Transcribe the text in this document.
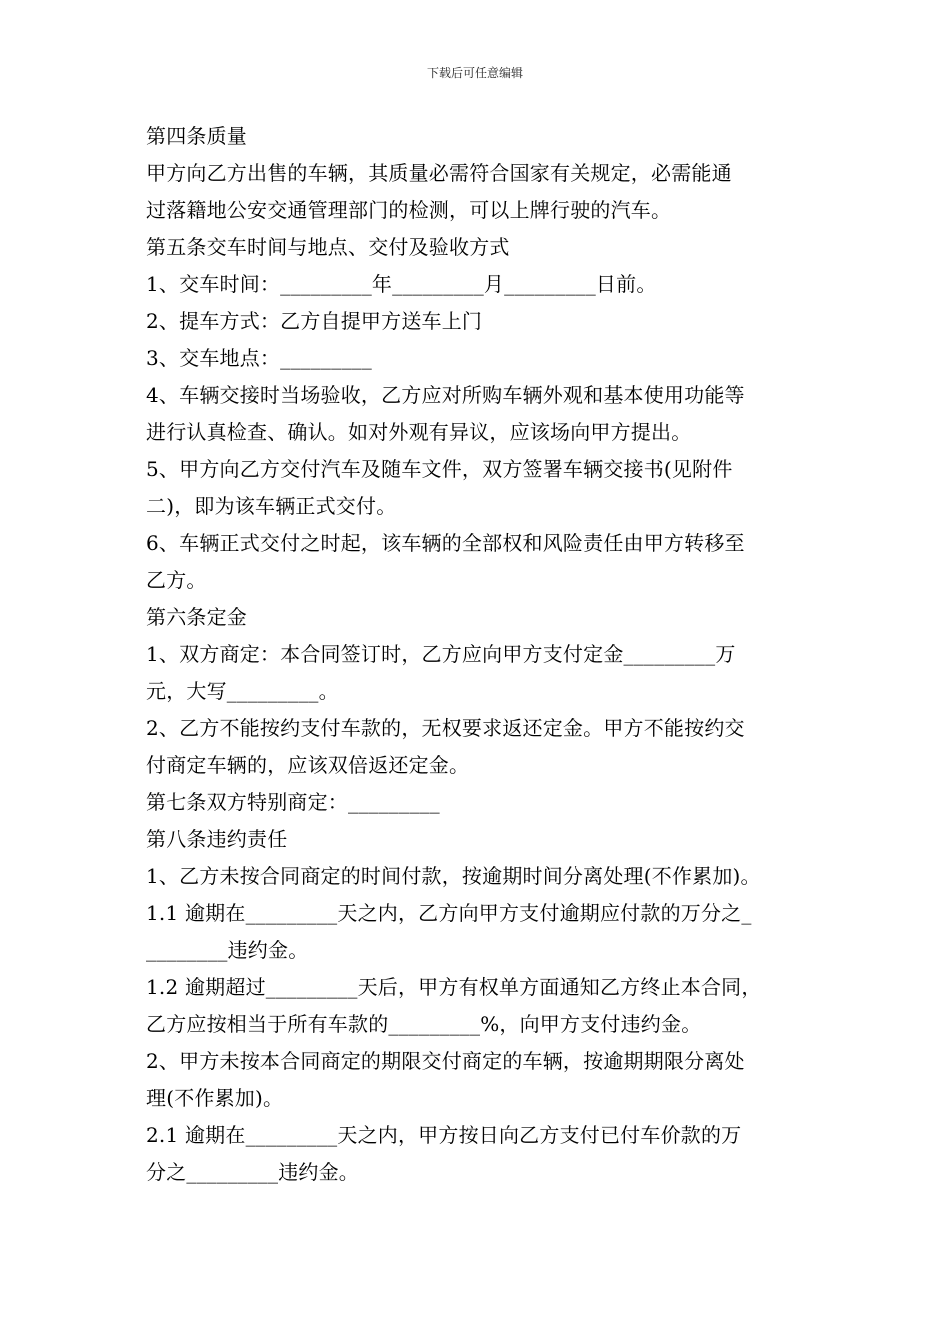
下载后可任意编辑
第四条质量
甲方向乙方出售的车辆，其质量必需符合国家有关规定，必需能通
过落籍地公安交通管理部门的检测，可以上牌行驶的汽车。
第五条交车时间与地点、交付及验收方式
1、交车时间：_________年_________月_________日前。
2、提车方式：乙方自提甲方送车上门
3、交车地点：_________
4、车辆交接时当场验收，乙方应对所购车辆外观和基本使用功能等
进行认真检查、确认。如对外观有异议，应该场向甲方提出。
5、甲方向乙方交付汽车及随车文件，双方签署车辆交接书(见附件
二)，即为该车辆正式交付。
6、车辆正式交付之时起，该车辆的全部权和风险责任由甲方转移至
乙方。
第六条定金
1、双方商定：本合同签订时，乙方应向甲方支付定金_________万
元，大写_________。
2、乙方不能按约支付车款的，无权要求返还定金。甲方不能按约交
付商定车辆的，应该双倍返还定金。
第七条双方特别商定：_________
第八条违约责任
1、乙方未按合同商定的时间付款，按逾期时间分离处理(不作累加)。
1.1 逾期在_________天之内，乙方向甲方支付逾期应付款的万分之_
________违约金。
1.2 逾期超过_________天后，甲方有权单方面通知乙方终止本合同，
乙方应按相当于所有车款的_________%，向甲方支付违约金。
2、甲方未按本合同商定的期限交付商定的车辆，按逾期期限分离处
理(不作累加)。
2.1 逾期在_________天之内，甲方按日向乙方支付已付车价款的万
分之_________违约金。
